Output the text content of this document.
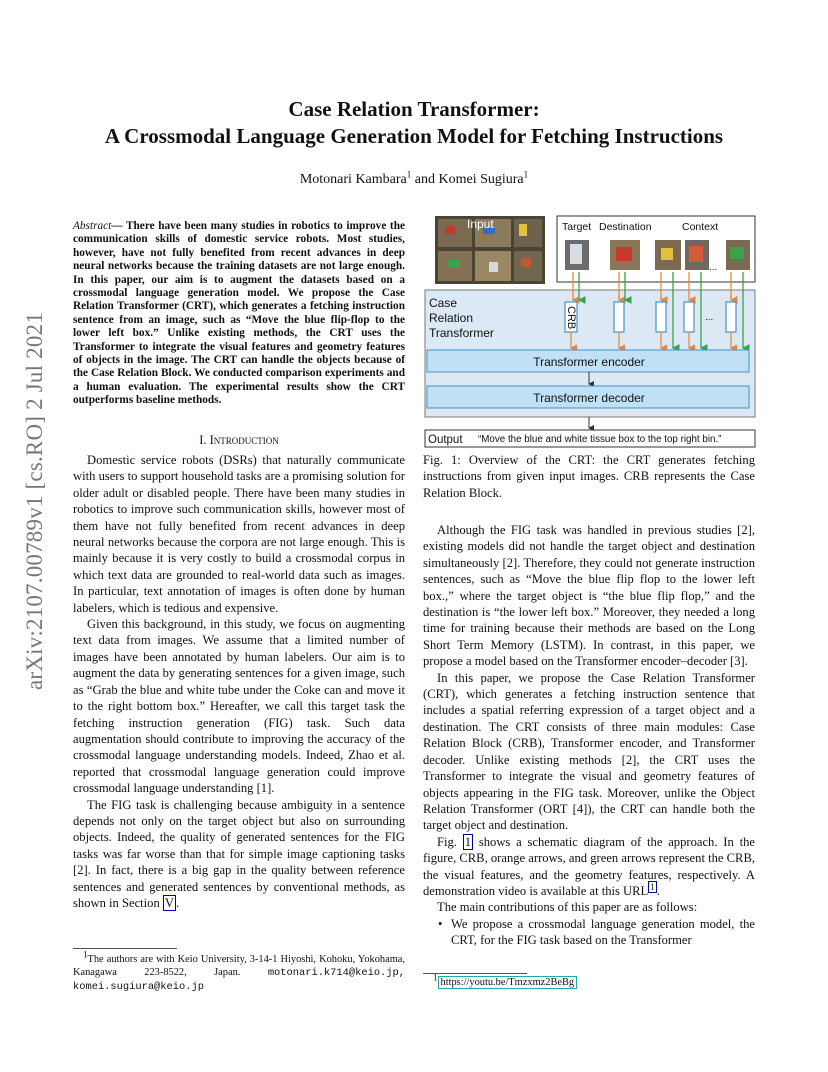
Case Relation Transformer:
A Crossmodal Language Generation Model for Fetching Instructions
Motonari Kambara$^1$ and Komei Sugiura$^1$
arXiv:2107.00789v1 [cs.RO] 2 Jul 2021
Abstract— There have been many studies in robotics to improve the communication skills of domestic service robots. Most studies, however, have not fully benefited from recent advances in deep neural networks because the training datasets are not large enough. In this paper, our aim is to augment the datasets based on a crossmodal language generation model. We propose the Case Relation Transformer (CRT), which generates a fetching instruction sentence from an image, such as “Move the blue flip-flop to the lower left box.” Unlike existing methods, the CRT uses the Transformer to integrate the visual features and geometry features of objects in the image. The CRT can handle the objects because of the Case Relation Block. We conducted comparison experiments and a human evaluation. The experimental results show the CRT outperforms baseline methods.
I. Introduction

Domestic service robots (DSRs) that naturally communicate with users to support household tasks are a promising solution for older adult or disabled people. There have been many studies in robotics to improve such communication skills, however most of them have not fully benefited from recent advances in deep neural networks because the corpora are not large enough. This is mainly because it is very costly to build a crossmodal corpus in which text data are grounded to real-world data such as images. In particular, text annotation of images is often done by human labelers, which is tedious and expensive.

Given this background, in this study, we focus on augmenting text data from images. We assume that a limited number of images have been annotated by human labelers. Our aim is to augment the data by generating sentences for a given image, such as “Grab the blue and white tube under the Coke can and move it to the right bottom box.” Hereafter, we call this target task the fetching instruction generation (FIG) task. Such data augmentation should contribute to improving the accuracy of the crossmodal language understanding models. Indeed, Zhao et al. reported that crossmodal language generation could improve crossmodal language understanding [1].

The FIG task is challenging because ambiguity in a sentence depends not only on the target object but also on surrounding objects. Indeed, the quality of generated sentences for the FIG tasks was far worse than that for simple image captioning tasks [2]. In fact, there is a big gap in the quality between reference sentences and generated sentences by conventional methods, as shown in Section V .

$^1$The authors are with Keio University, 3-14-1 Hiyoshi, Kohoku, Yokohama, Kanagawa 223-8522, Japan. motonari.k714@keio.jp, komei.sugiura@keio.jp
Input	Target Destination	Context
...
Case
Relation
Transformer
CRB	...
Transformer encoder
Transformer decoder
Output “Move the blue and white tissue box to the top right bin.”
Fig. 1: Overview of the CRT: the CRT generates fetching instructions from given input images. CRB represents the Case Relation Block.

Although the FIG task was handled in previous studies [2], existing models did not handle the target object and destination simultaneously [2]. Therefore, they could not generate instruction sentences, such as “Move the blue flip flop to the lower left box.,” where the target object is “the blue flip flop,” and the destination is “the lower left box.” Moreover, they needed a long time for training because their methods are based on the Long Short Term Memory (LSTM). In contrast, in this paper, we propose a model based on the Transformer encoder–decoder [3].

In this paper, we propose the Case Relation Transformer (CRT), which generates a fetching instruction sentence that includes a spatial referring expression of a target object and a destination. The CRT consists of three main modules: Case Relation Block (CRB), Transformer encoder, and Transformer decoder. Unlike existing methods [2], the CRT uses the Transformer to integrate the visual and geometry features of objects appearing in the FIG task. Moreover, unlike the Object Relation Transformer (ORT [4]), the CRT can handle both the target object and destination.

Fig. 1 shows a schematic diagram of the approach. In the figure, CRB, orange arrows, and green arrows represent the CRB, the visual features, and the geometry features, respectively. A demonstration video is available at this URL $^1$ .

The main contributions of this paper are as follows:

• We propose a crossmodal language generation model, the CRT, for the FIG task based on the Transformer
$^1$ https://youtu.be/Tmzxmz2BeBg
